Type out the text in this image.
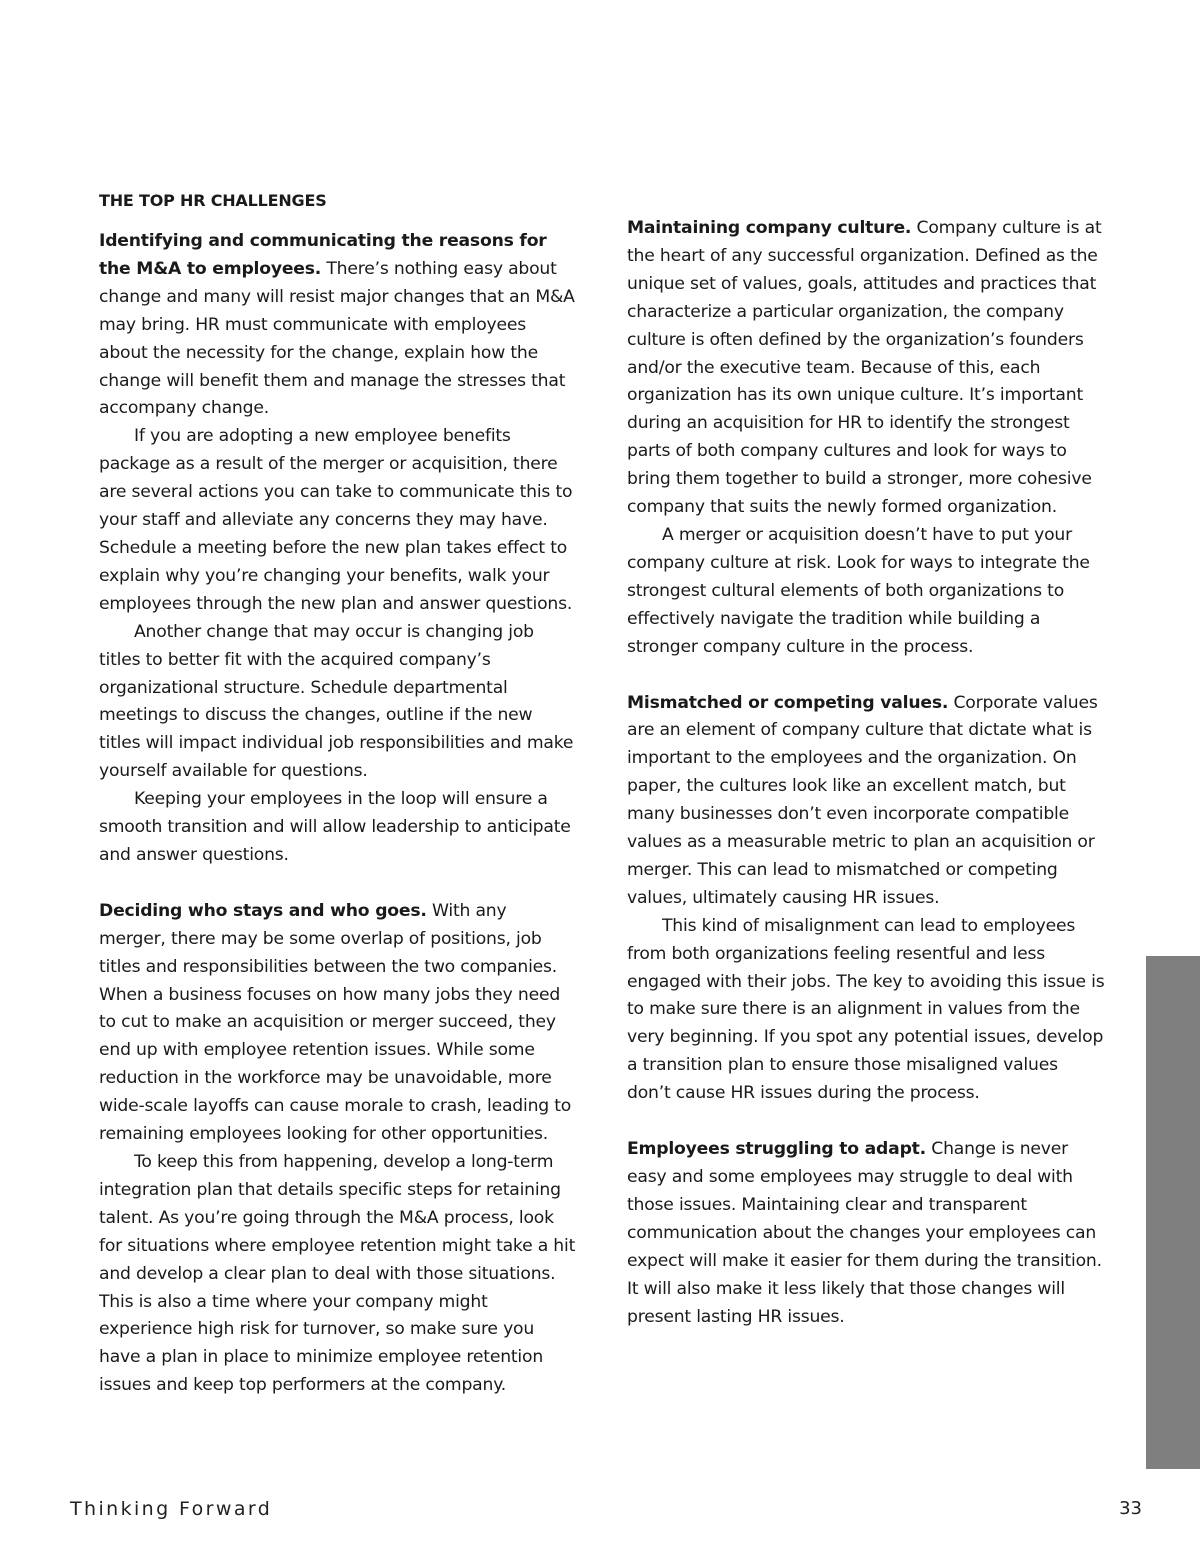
THE TOP HR CHALLENGES

Identifying and communicating the reasons for the M&A to employees. There’s nothing easy about change and many will resist major changes that an M&A may bring. HR must communicate with employees about the necessity for the change, explain how the change will benefit them and manage the stresses that accompany change.

If you are adopting a new employee benefits package as a result of the merger or acquisition, there are several actions you can take to communicate this to your staff and alleviate any concerns they may have. Schedule a meeting before the new plan takes effect to explain why you’re changing your benefits, walk your employees through the new plan and answer questions.

Another change that may occur is changing job titles to better fit with the acquired company’s organizational structure. Schedule departmental meetings to discuss the changes, outline if the new titles will impact individual job responsibilities and make yourself available for questions.

Keeping your employees in the loop will ensure a smooth transition and will allow leadership to anticipate and answer questions.

Deciding who stays and who goes. With any merger, there may be some overlap of positions, job titles and responsibilities between the two companies. When a business focuses on how many jobs they need to cut to make an acquisition or merger succeed, they end up with employee retention issues. While some reduction in the workforce may be unavoidable, more wide-scale layoffs can cause morale to crash, leading to remaining employees looking for other opportunities.

To keep this from happening, develop a long-term integration plan that details specific steps for retaining talent. As you’re going through the M&A process, look for situations where employee retention might take a hit and develop a clear plan to deal with those situations. This is also a time where your company might experience high risk for turnover, so make sure you have a plan in place to minimize employee retention issues and keep top performers at the company.

Maintaining company culture. Company culture is at the heart of any successful organization. Defined as the unique set of values, goals, attitudes and practices that characterize a particular organization, the company culture is often defined by the organization’s founders and/or the executive team. Because of this, each organization has its own unique culture. It’s important during an acquisition for HR to identify the strongest parts of both company cultures and look for ways to bring them together to build a stronger, more cohesive company that suits the newly formed organization.

A merger or acquisition doesn’t have to put your company culture at risk. Look for ways to integrate the strongest cultural elements of both organizations to effectively navigate the tradition while building a stronger company culture in the process.

Mismatched or competing values. Corporate values are an element of company culture that dictate what is important to the employees and the organization. On paper, the cultures look like an excellent match, but many businesses don’t even incorporate compatible values as a measurable metric to plan an acquisition or merger. This can lead to mismatched or competing values, ultimately causing HR issues.

This kind of misalignment can lead to employees from both organizations feeling resentful and less engaged with their jobs. The key to avoiding this issue is to make sure there is an alignment in values from the very beginning. If you spot any potential issues, develop a transition plan to ensure those misaligned values don’t cause HR issues during the process.

Employees struggling to adapt. Change is never easy and some employees may struggle to deal with those issues. Maintaining clear and transparent communication about the changes your employees can expect will make it easier for them during the transition. It will also make it less likely that those changes will present lasting HR issues.

Thinking Forward	33
